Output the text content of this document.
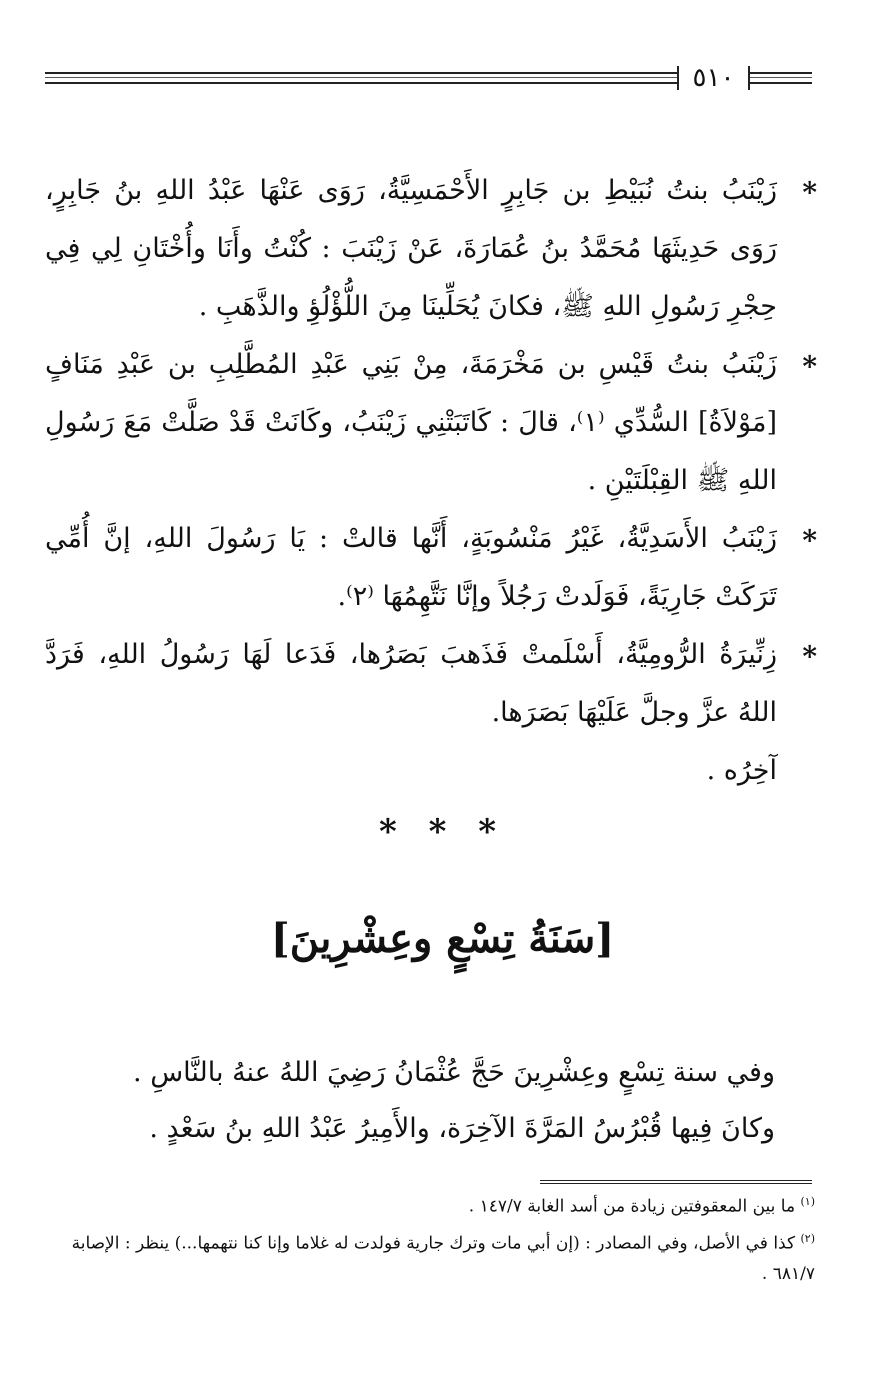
٥١٠

*
زَيْنَبُ بنتُ نُبَيْطِ بن جَابِرٍ الأَحْمَسِيَّةُ، رَوَى عَنْهَا عَبْدُ اللهِ بنُ جَابِرٍ، رَوَى حَدِيثَهَا مُحَمَّدُ بنُ عُمَارَةَ، عَنْ زَيْنَبَ : كُنْتُ وأَنَا وأُخْتَانِ لِي فِي حِجْرِ رَسُولِ اللهِ ﷺ، فكانَ يُحَلِّينَا مِنَ اللُّؤْلُؤِ والذَّهَبِ .

*
زَيْنَبُ بنتُ قَيْسِ بن مَخْرَمَةَ، مِنْ بَنِي عَبْدِ المُطَّلِبِ بن عَبْدِ مَنَافٍ [مَوْلاَةُ] السُّدِّي ⁽١⁾، قالَ : كَاتَبَتْنِي زَيْنَبُ، وكَانَتْ قَدْ صَلَّتْ مَعَ رَسُولِ اللهِ ﷺ القِبْلَتَيْنِ .

*
زَيْنَبُ الأَسَدِيَّةُ، غَيْرُ مَنْسُوبَةٍ، أَنَّها قالتْ : يَا رَسُولَ اللهِ، إنَّ أُمِّي تَرَكَتْ جَارِيَةً، فَوَلَدتْ رَجُلاً وإنَّا نَتَّهِمُهَا ⁽٢⁾.

*
زِنِّيرَةُ الرُّومِيَّةُ، أَسْلَمتْ فَذَهبَ بَصَرُها، فَدَعا لَهَا رَسُولُ اللهِ، فَرَدَّ اللهُ عزَّ وجلَّ عَلَيْهَا بَصَرَها.

آخِرُه .

* * *
[سَنَةُ تِسْعٍ وعِشْرِينَ]

وفي سنة تِسْعٍ وعِشْرِينَ حَجَّ عُثْمَانُ رَضِيَ اللهُ عنهُ بالنَّاسِ .

وكانَ فِيها قُبْرُسُ المَرَّةَ الآخِرَة، والأَمِيرُ عَبْدُ اللهِ بنُ سَعْدٍ .

$^{(١)}$ ما بين المعقوفتين زيادة من أسد الغابة ١٤٧/٧ .

$^{(٢)}$ كذا في الأصل، وفي المصادر : (إن أبي مات وترك جارية فولدت له غلاما وإنا كنا نتهمها...) ينظر : الإصابة ٦٨١/٧ .
